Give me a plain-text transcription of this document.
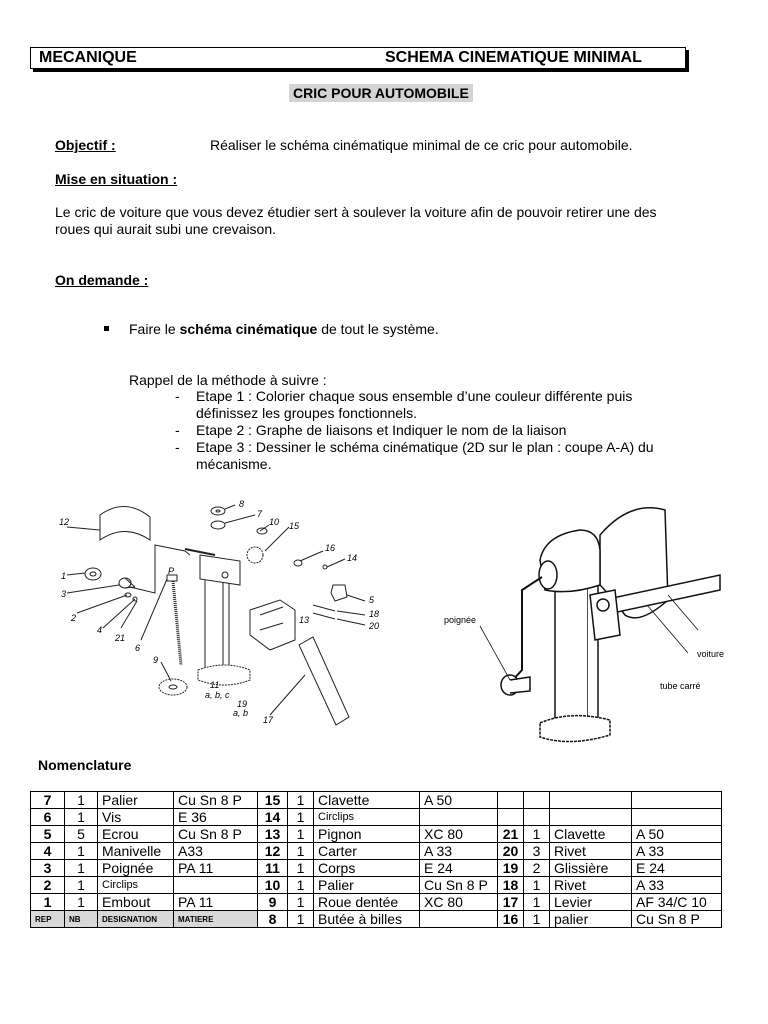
MECANIQUE	SCHEMA CINEMATIQUE MINIMAL
CRIC POUR AUTOMOBILE
Objectif :	Réaliser le schéma cinématique minimal de ce cric pour automobile.
Mise en situation :
Le cric de voiture que vous devez étudier sert à soulever la voiture afin de pouvoir retirer une des
roues qui aurait subi une crevaison.
On demande :
Faire le schéma cinématique de tout le système.
Rappel de la méthode à suivre :
- Etape 1 : Colorier chaque sous ensemble d’une couleur différente puis
définissez les groupes fonctionnels.
- Etape 2 : Graphe de liaisons et Indiquer le nom de la liaison
- Etape 3 : Dessiner le schéma cinématique (2D sur le plan : coupe A-A) du
mécanisme.
12
1
3
2
4
21
6
9
8
7
10 15
16
14
5
18
20
13
11
a, b, c
19
a, b
17
P
poignée
voiture
tube carré
Nomenclature
7	1	Palier	Cu Sn 8 P	15	1	Clavette	A 50				
6	1	Vis	E 36	14	1	Circlips					
5	5	Ecrou	Cu Sn 8 P	13	1	Pignon	XC 80	21	1	Clavette	A 50
4	1	Manivelle	A33	12	1	Carter	A 33	20	3	Rivet	A 33
3	1	Poignée	PA 11	11	1	Corps	E 24	19	2	Glissière	E 24
2	1	Circlips		10	1	Palier	Cu Sn 8 P	18	1	Rivet	A 33
1	1	Embout	PA 11	9	1	Roue dentée	XC 80	17	1	Levier	AF 34/C 10
REP	NB	DESIGNATION	MATIERE	8	1	Butée à billes		16	1	palier	Cu Sn 8 P
